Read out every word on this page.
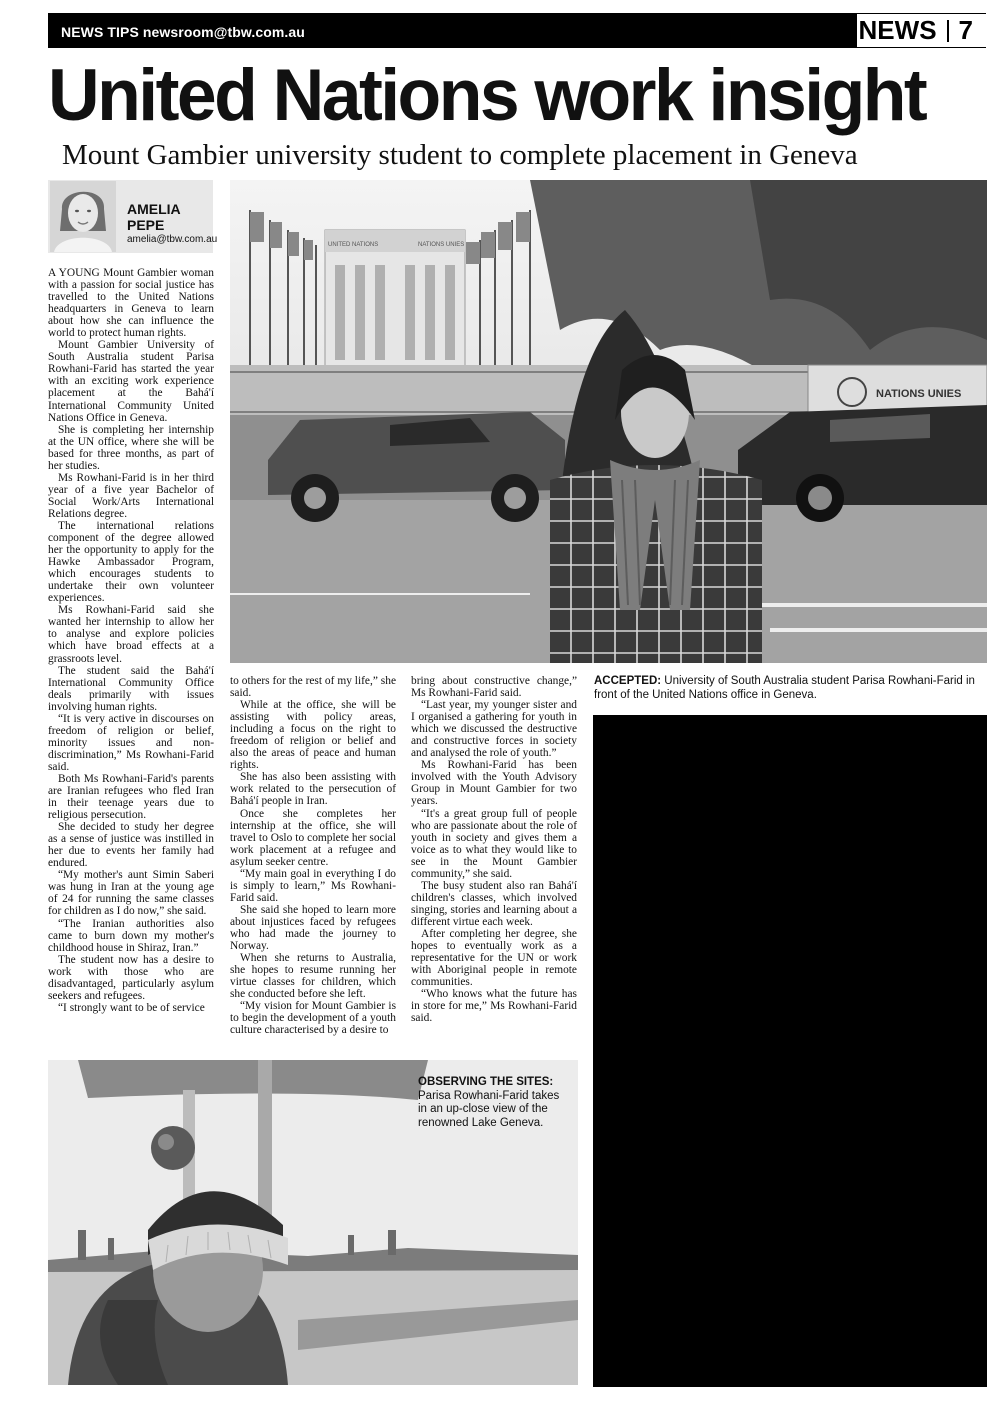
NEWS TIPS newsroom@tbw.com.au	NEWS 7
United Nations work insight
Mount Gambier university student to complete placement in Geneva
AMELIA PEPE
amelia@tbw.com.au

A YOUNG Mount Gambier woman with a passion for social justice has travelled to the United Nations headquarters in Geneva to learn about how she can influence the world to protect human rights.

Mount Gambier University of South Australia student Parisa Rowhani-Farid has started the year with an exciting work experience placement at the Bahá'í International Community United Nations Office in Geneva.

She is completing her internship at the UN office, where she will be based for three months, as part of her studies.

Ms Rowhani-Farid is in her third year of a five year Bachelor of Social Work/Arts International Relations degree.

The international relations component of the degree allowed her the opportunity to apply for the Hawke Ambassador Program, which encourages students to undertake their own volunteer experiences.

Ms Rowhani-Farid said she wanted her internship to allow her to analyse and explore policies which have broad effects at a grassroots level.

The student said the Bahá'í International Community Office deals primarily with issues involving human rights.

“It is very active in discourses on freedom of religion or belief, minority issues and non-discrimination,” Ms Rowhani-Farid said.

Both Ms Rowhani-Farid's parents are Iranian refugees who fled Iran in their teenage years due to religious persecution.

She decided to study her degree as a sense of justice was instilled in her due to events her family had endured.

“My mother's aunt Simin Saberi was hung in Iran at the young age of 24 for running the same classes for children as I do now,” she said.

“The Iranian authorities also came to burn down my mother's childhood house in Shiraz, Iran.”

The student now has a desire to work with those who are disadvantaged, particularly asylum seekers and refugees.

“I strongly want to be of service

UNITED NATIONS	NATIONS UNIES
NATIONS UNIES
ACCEPTED: University of South Australia student Parisa Rowhani-Farid in front of the United Nations office in Geneva.

to others for the rest of my life,” she said.

While at the office, she will be assisting with policy areas, including a focus on the right to freedom of religion or belief and also the areas of peace and human rights.

She has also been assisting with work related to the persecution of Bahá'í people in Iran.

Once she completes her internship at the office, she will travel to Oslo to complete her social work placement at a refugee and asylum seeker centre.

“My main goal in everything I do is simply to learn,” Ms Rowhani-Farid said.

She said she hoped to learn more about injustices faced by refugees who had made the journey to Norway.

When she returns to Australia, she hopes to resume running her virtue classes for children, which she conducted before she left.

“My vision for Mount Gambier is to begin the development of a youth culture characterised by a desire to

bring about constructive change,” Ms Rowhani-Farid said.

“Last year, my younger sister and I organised a gathering for youth in which we discussed the destructive and constructive forces in society and analysed the role of youth.”

Ms Rowhani-Farid has been involved with the Youth Advisory Group in Mount Gambier for two years.

“It's a great group full of people who are passionate about the role of youth in society and gives them a voice as to what they would like to see in the Mount Gambier community,” she said.

The busy student also ran Bahá'í children's classes, which involved singing, stories and learning about a different virtue each week.

After completing her degree, she hopes to eventually work as a representative for the UN or work with Aboriginal people in remote communities.

“Who knows what the future has in store for me,” Ms Rowhani-Farid said.

OBSERVING THE SITES:
Parisa Rowhani-Farid takes in an up-close view of the renowned Lake Geneva.
